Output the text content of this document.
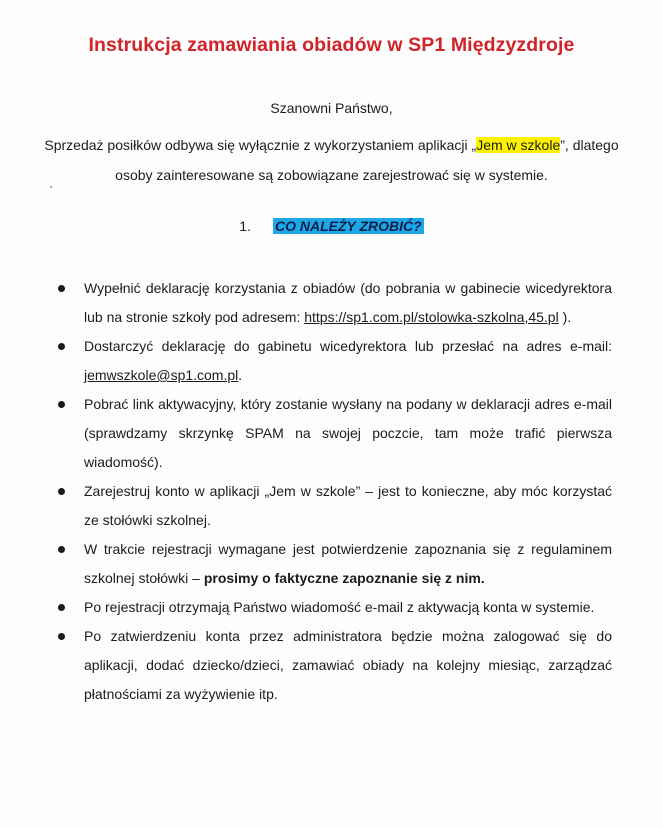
Instrukcja zamawiania obiadów w SP1 Międzyzdroje
Szanowni Państwo,
Sprzedaż posiłków odbywa się wyłącznie z wykorzystaniem aplikacji „Jem w szkole”, dlatego osoby zainteresowane są zobowiązane zarejestrować się w systemie.
1. CO NALEŻY ZROBIĆ?
Wypełnić deklarację korzystania z obiadów (do pobrania w gabinecie wicedyrektora lub na stronie szkoły pod adresem: https://sp1.com.pl/stolowka-szkolna,45.pl ).
Dostarczyć deklarację do gabinetu wicedyrektora lub przesłać na adres e-mail: jemwszkole@sp1.com.pl.
Pobrać link aktywacyjny, który zostanie wysłany na podany w deklaracji adres e-mail (sprawdzamy skrzynkę SPAM na swojej poczcie, tam może trafić pierwsza wiadomość).
Zarejestruj konto w aplikacji „Jem w szkole” – jest to konieczne, aby móc korzystać ze stołówki szkolnej.
W trakcie rejestracji wymagane jest potwierdzenie zapoznania się z regulaminem szkolnej stołówki – prosimy o faktyczne zapoznanie się z nim.
Po rejestracji otrzymają Państwo wiadomość e-mail z aktywacją konta w systemie.
Po zatwierdzeniu konta przez administratora będzie można zalogować się do aplikacji, dodać dziecko/dzieci, zamawiać obiady na kolejny miesiąc, zarządzać płatnościami za wyżywienie itp.
